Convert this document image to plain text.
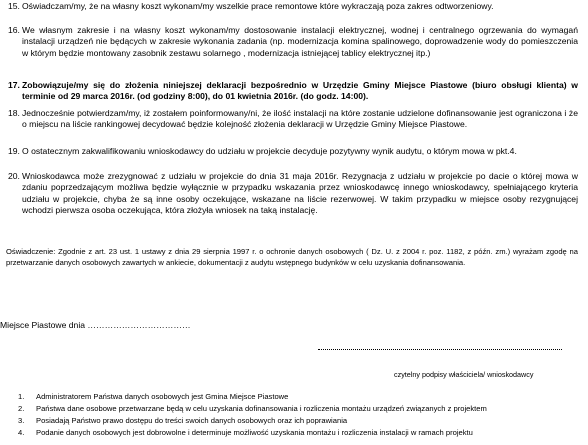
15. Oświadczam/my, że na własny koszt wykonam/my wszelkie prace remontowe które wykraczają poza zakres odtworzeniowy.
16. We własnym zakresie i na własny koszt wykonam/my dostosowanie instalacji elektrycznej, wodnej i centralnego ogrzewania do wymagań instalacji urządzeń nie będących w zakresie wykonania zadania (np. modernizacja komina spalinowego, doprowadzenie wody do pomieszczenia w którym będzie montowany zasobnik zestawu solarnego , modernizacja istniejącej tablicy elektrycznej itp.)
17. Zobowiązuje/my się do złożenia niniejszej deklaracji bezpośrednio w Urzędzie Gminy Miejsce Piastowe (biuro obsługi klienta) w terminie od 29 marca 2016r. (od godziny 8:00), do 01 kwietnia 2016r. (do godz. 14:00).
18. Jednocześnie potwierdzam/my, iż zostałem poinformowany/ni, że ilość instalacji na które zostanie udzielone dofinansowanie jest ograniczona i że o miejscu na liście rankingowej decydować będzie kolejność złożenia deklaracji w Urzędzie Gminy Miejsce Piastowe.
19. O ostatecznym zakwalifikowaniu wnioskodawcy do udziału w projekcie decyduje pozytywny wynik audytu, o którym mowa w pkt.4.
20. Wnioskodawca może zrezygnować z udziału w projekcie do dnia 31 maja 2016r. Rezygnacja z udziału w projekcie po dacie o której mowa w zdaniu poprzedzającym możliwa będzie wyłącznie w przypadku wskazania przez wnioskodawcę innego wnioskodawcy, spełniającego kryteria udziału w projekcie, chyba że są inne osoby oczekujące, wskazane na liście rezerwowej. W takim przypadku w miejsce osoby rezygnującej wchodzi pierwsza osoba oczekująca, która złożyła wniosek na taką instalację.
Oświadczenie: Zgodnie z art. 23 ust. 1 ustawy z dnia 29 sierpnia 1997 r. o ochronie danych osobowych ( Dz. U. z 2004 r. poz. 1182, z późn. zm.) wyrażam zgodę na przetwarzanie danych osobowych zawartych w ankiecie, dokumentacji z audytu wstępnego budynków w celu uzyskania dofinansowania.
Miejsce Piastowe dnia ………………………………
czytelny podpisy właściciela/ wnioskodawcy
1. Administratorem Państwa danych osobowych jest Gmina Miejsce Piastowe
2. Państwa dane osobowe przetwarzane będą w celu uzyskania dofinansowania i rozliczenia montażu urządzeń związanych z projektem
3. Posiadają Państwo prawo dostępu do treści swoich danych osobowych oraz ich poprawiania
4. Podanie danych osobowych jest dobrowolne i determinuje możliwość uzyskania montażu i rozliczenia instalacji w ramach projektu
